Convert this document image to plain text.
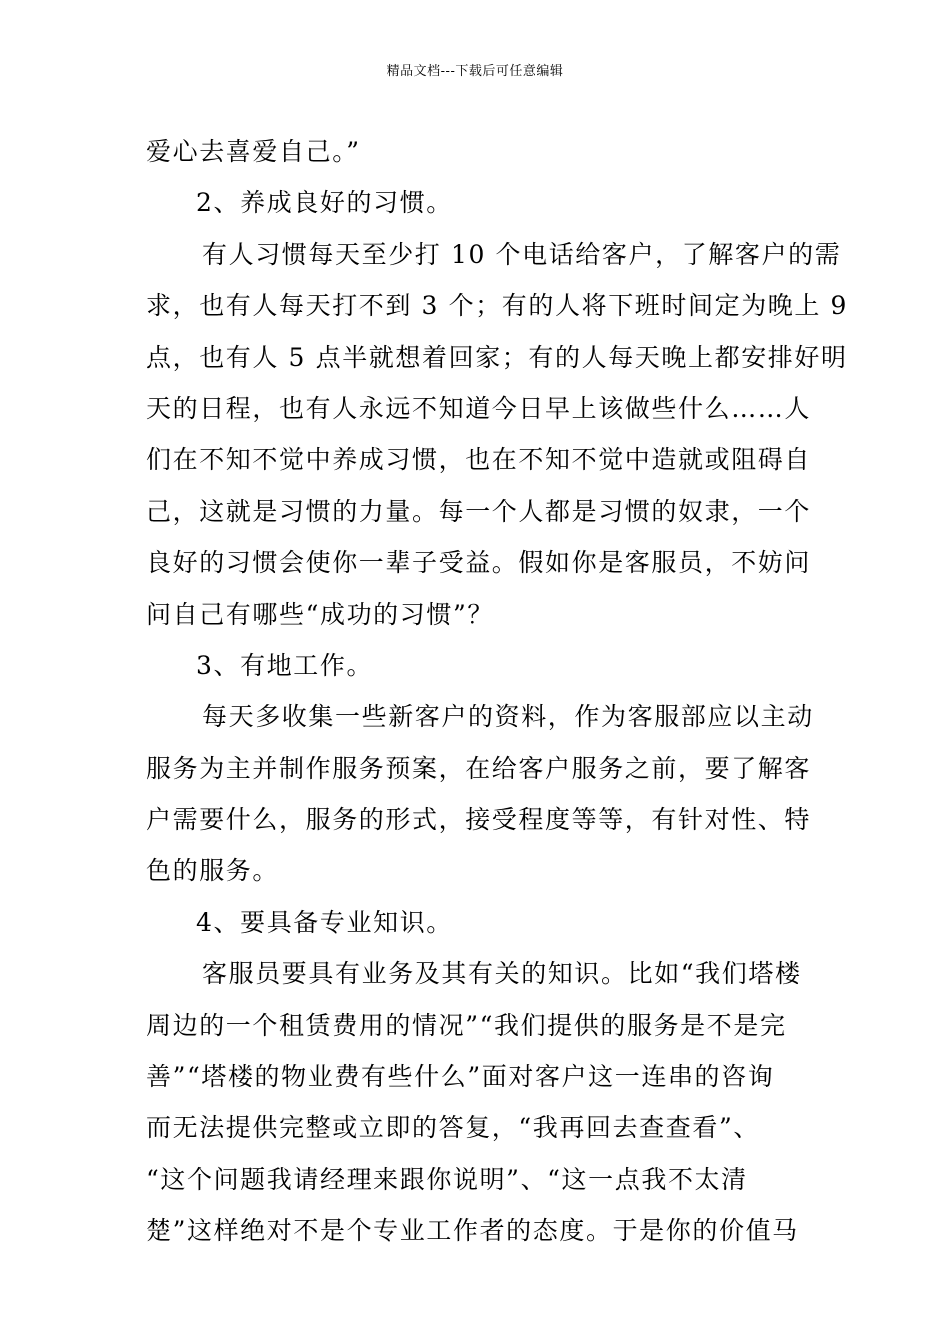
精品文档---下载后可任意编辑
爱心去喜爱自己。”
2、养成良好的习惯。
有人习惯每天至少打 10 个电话给客户，了解客户的需
求，也有人每天打不到 3 个；有的人将下班时间定为晚上 9
点，也有人 5 点半就想着回家；有的人每天晚上都安排好明
天的日程，也有人永远不知道今日早上该做些什么……人
们在不知不觉中养成习惯，也在不知不觉中造就或阻碍自
己，这就是习惯的力量。每一个人都是习惯的奴隶，一个
良好的习惯会使你一辈子受益。假如你是客服员，不妨问
问自己有哪些“成功的习惯”？
3、有地工作。
每天多收集一些新客户的资料，作为客服部应以主动
服务为主并制作服务预案，在给客户服务之前，要了解客
户需要什么，服务的形式，接受程度等等，有针对性、特
色的服务。
4、要具备专业知识。
客服员要具有业务及其有关的知识。比如“我们塔楼
周边的一个租赁费用的情况”“我们提供的服务是不是完
善”“塔楼的物业费有些什么”面对客户这一连串的咨询
而无法提供完整或立即的答复，“我再回去查查看”、
“这个问题我请经理来跟你说明”、“这一点我不太清
楚”这样绝对不是个专业工作者的态度。于是你的价值马
